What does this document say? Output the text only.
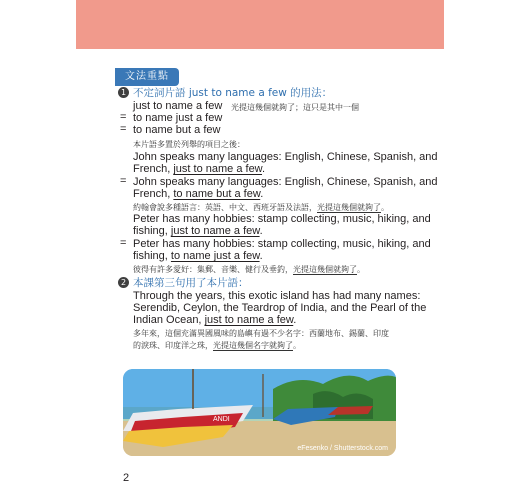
文法重點
1 不定詞片語 just to name a few 的用法：
just to name a few 光提這幾個就夠了；這只是其中一個
= to name just a few
= to name but a few
本片語多置於列舉的項目之後：
John speaks many languages: English, Chinese, Spanish, and
French, just to name a few.
= John speaks many languages: English, Chinese, Spanish, and
French, to name but a few.
約翰會說多種語言：英語、中文、西班牙語及法語，光提這幾個就夠了。
Peter has many hobbies: stamp collecting, music, hiking, and
fishing, just to name a few.
= Peter has many hobbies: stamp collecting, music, hiking, and
fishing, to name just a few.
彼得有許多愛好：集郵、音樂、健行及垂釣，光提這幾個就夠了。
2 本課第三句用了本片語：
Through the years, this exotic island has had many names:
Serendib, Ceylon, the Teardrop of India, and the Pearl of the
Indian Ocean, just to name a few.
多年來，這個充滿異國風味的島嶼有過不少名字：西蘭地布、錫蘭、印度
的淚珠、印度洋之珠，光提這幾個名字就夠了。
ANDI
eFesenko / Shutterstock.com
2
